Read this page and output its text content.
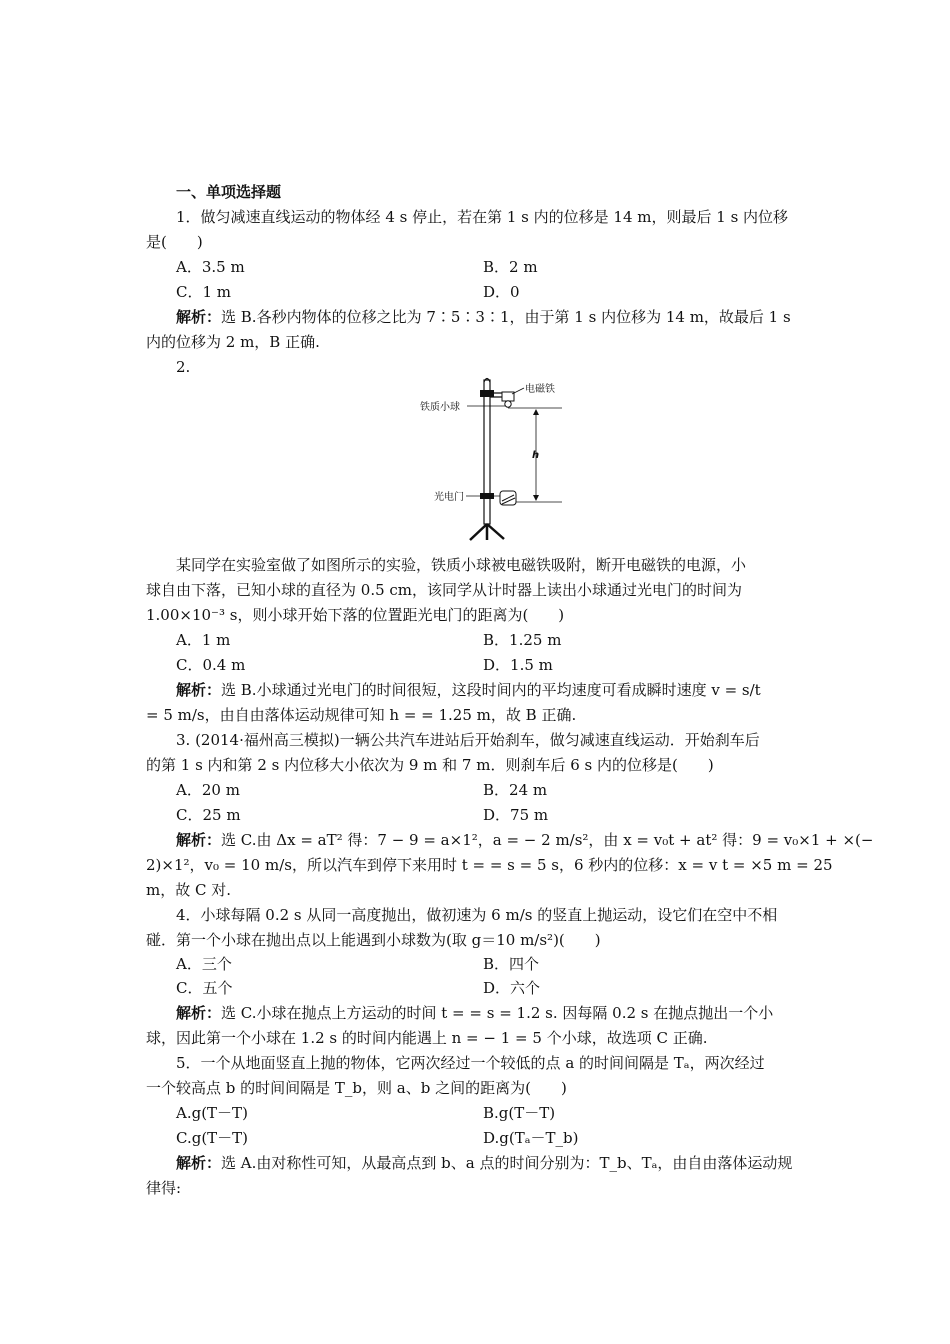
一、单项选择题
1．做匀减速直线运动的物体经 4 s 停止，若在第 1 s 内的位移是 14 m，则最后 1 s 内位移
是(　　)
A．3.5 m	B．2 m
C．1 m	D．0
解析：选 B.各秒内物体的位移之比为 7∶5∶3∶1，由于第 1 s 内位移为 14 m，故最后 1 s
内的位移为 2 m，B 正确.
2.
h
电磁铁
铁质小球
光电门
某同学在实验室做了如图所示的实验，铁质小球被电磁铁吸附，断开电磁铁的电源，小
球自由下落，已知小球的直径为 0.5 cm，该同学从计时器上读出小球通过光电门的时间为
1.00×10⁻³ s，则小球开始下落的位置距光电门的距离为(　　)
A．1 m	B．1.25 m
C．0.4 m	D．1.5 m
解析：选 B.小球通过光电门的时间很短，这段时间内的平均速度可看成瞬时速度 v = s/t
= 5 m/s，由自由落体运动规律可知 h = = 1.25 m，故 B 正确.
3. (2014·福州高三模拟)一辆公共汽车进站后开始刹车，做匀减速直线运动．开始刹车后
的第 1 s 内和第 2 s 内位移大小依次为 9 m 和 7 m．则刹车后 6 s 内的位移是(　　)
A．20 m	B．24 m
C．25 m	D．75 m
解析：选 C.由 Δx = aT² 得：7 − 9 = a×1²，a = − 2 m/s²，由 x = v₀t + at² 得：9 = v₀×1 + ×(−
2)×1²，v₀ = 10 m/s，所以汽车到停下来用时 t = = s = 5 s，6 秒内的位移：x = v t = ×5 m = 25
m，故 C 对.
4．小球每隔 0.2 s 从同一高度抛出，做初速为 6 m/s 的竖直上抛运动，设它们在空中不相
碰．第一个小球在抛出点以上能遇到小球数为(取 g＝10 m/s²)(　　)
A．三个	B．四个
C．五个	D．六个
解析：选 C.小球在抛点上方运动的时间 t = = s = 1.2 s. 因每隔 0.2 s 在抛点抛出一个小
球，因此第一个小球在 1.2 s 的时间内能遇上 n = − 1 = 5 个小球，故选项 C 正确.
5．一个从地面竖直上抛的物体，它两次经过一个较低的点 a 的时间间隔是 Tₐ，两次经过
一个较高点 b 的时间间隔是 T_b，则 a、b 之间的距离为(　　)
A.g(T－T)	B.g(T－T)
C.g(T－T)	D.g(Tₐ－T_b)
解析：选 A.由对称性可知，从最高点到 b、a 点的时间分别为：T_b、Tₐ，由自由落体运动规
律得:
